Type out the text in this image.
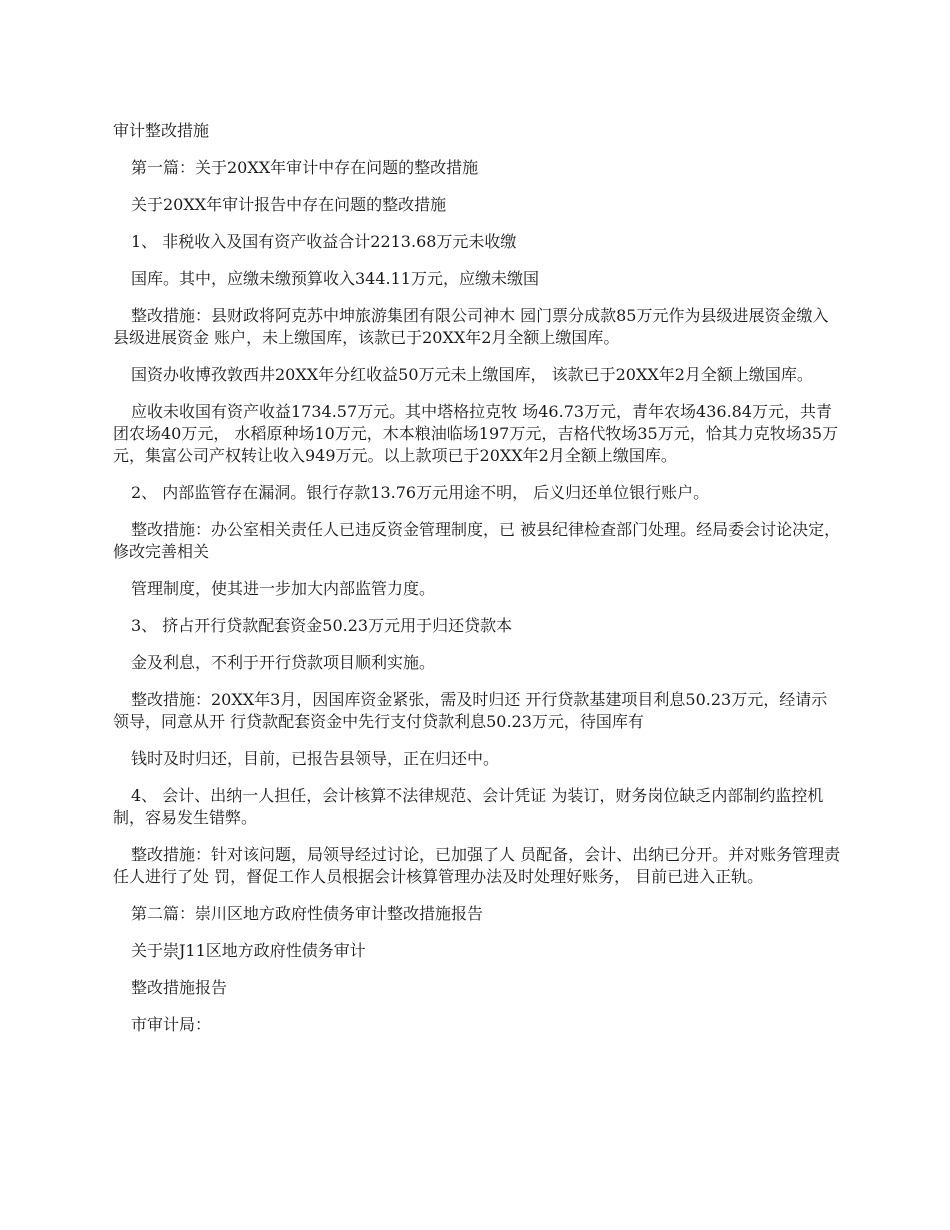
审计整改措施

第一篇：关于20XX年审计中存在问题的整改措施

关于20XX年审计报告中存在问题的整改措施

1、 非税收入及国有资产收益合计2213.68万元未收缴

国库。其中，应缴未缴预算收入344.11万元，应缴未缴国

整改措施：县财政将阿克苏中坤旅游集团有限公司神木 园门票分成款85万元作为县级进展资金缴入县级进展资金 账户，未上缴国库，该款已于20XX年2月全额上缴国库。

国资办收博孜敦西井20XX年分红收益50万元未上缴国库， 该款已于20XX年2月全额上缴国库。

应收未收国有资产收益1734.57万元。其中塔格拉克牧 场46.73万元，青年农场436.84万元，共青团农场40万元， 水稻原种场10万元，木本粮油临场197万元，吉格代牧场35万元，恰其力克牧场35万元，集富公司产权转让收入949万元。以上款项已于20XX年2月全额上缴国库。

2、 内部监管存在漏洞。银行存款13.76万元用途不明， 后义归还单位银行账户。

整改措施：办公室相关责任人已违反资金管理制度，已 被县纪律检查部门处理。经局委会讨论决定，修改完善相关

管理制度，使其进一步加大内部监管力度。

3、 挤占开行贷款配套资金50.23万元用于归还贷款本

金及利息，不利于开行贷款项目顺利实施。

整改措施：20XX年3月，因国库资金紧张，需及时归还 开行贷款基建项目利息50.23万元，经请示领导，同意从开 行贷款配套资金中先行支付贷款利息50.23万元，待国库有

钱时及时归还，目前，已报告县领导，正在归还中。

4、 会计、出纳一人担任，会计核算不法律规范、会计凭证 为装订，财务岗位缺乏内部制约监控机制，容易发生错弊。

整改措施：针对该问题，局领导经过讨论，已加强了人 员配备，会计、出纳已分开。并对账务管理责任人进行了处 罚，督促工作人员根据会计核算管理办法及时处理好账务， 目前已进入正轨。

第二篇：崇川区地方政府性债务审计整改措施报告

关于崇J11区地方政府性债务审计

整改措施报告

市审计局：
